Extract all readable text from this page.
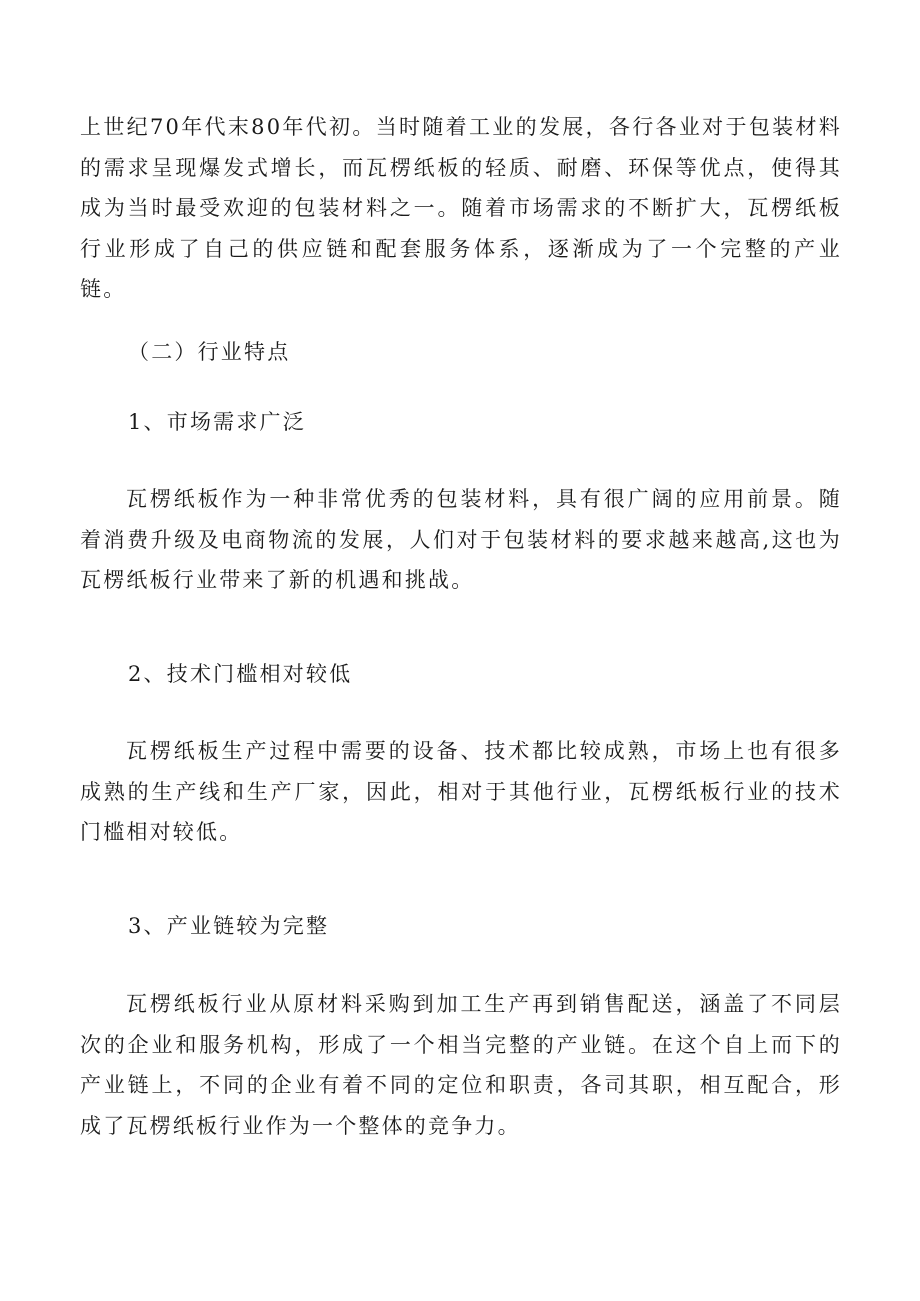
上世纪70年代末80年代初。当时随着工业的发展，各行各业对于包装材料的需求呈现爆发式增长，而瓦楞纸板的轻质、耐磨、环保等优点，使得其成为当时最受欢迎的包装材料之一。随着市场需求的不断扩大，瓦楞纸板行业形成了自己的供应链和配套服务体系，逐渐成为了一个完整的产业链。

（二）行业特点

1、市场需求广泛

瓦楞纸板作为一种非常优秀的包装材料，具有很广阔的应用前景。随着消费升级及电商物流的发展，人们对于包装材料的要求越来越高,这也为瓦楞纸板行业带来了新的机遇和挑战。

2、技术门槛相对较低

瓦楞纸板生产过程中需要的设备、技术都比较成熟，市场上也有很多成熟的生产线和生产厂家，因此，相对于其他行业，瓦楞纸板行业的技术门槛相对较低。

3、产业链较为完整

瓦楞纸板行业从原材料采购到加工生产再到销售配送，涵盖了不同层次的企业和服务机构，形成了一个相当完整的产业链。在这个自上而下的产业链上，不同的企业有着不同的定位和职责，各司其职，相互配合，形成了瓦楞纸板行业作为一个整体的竞争力。
